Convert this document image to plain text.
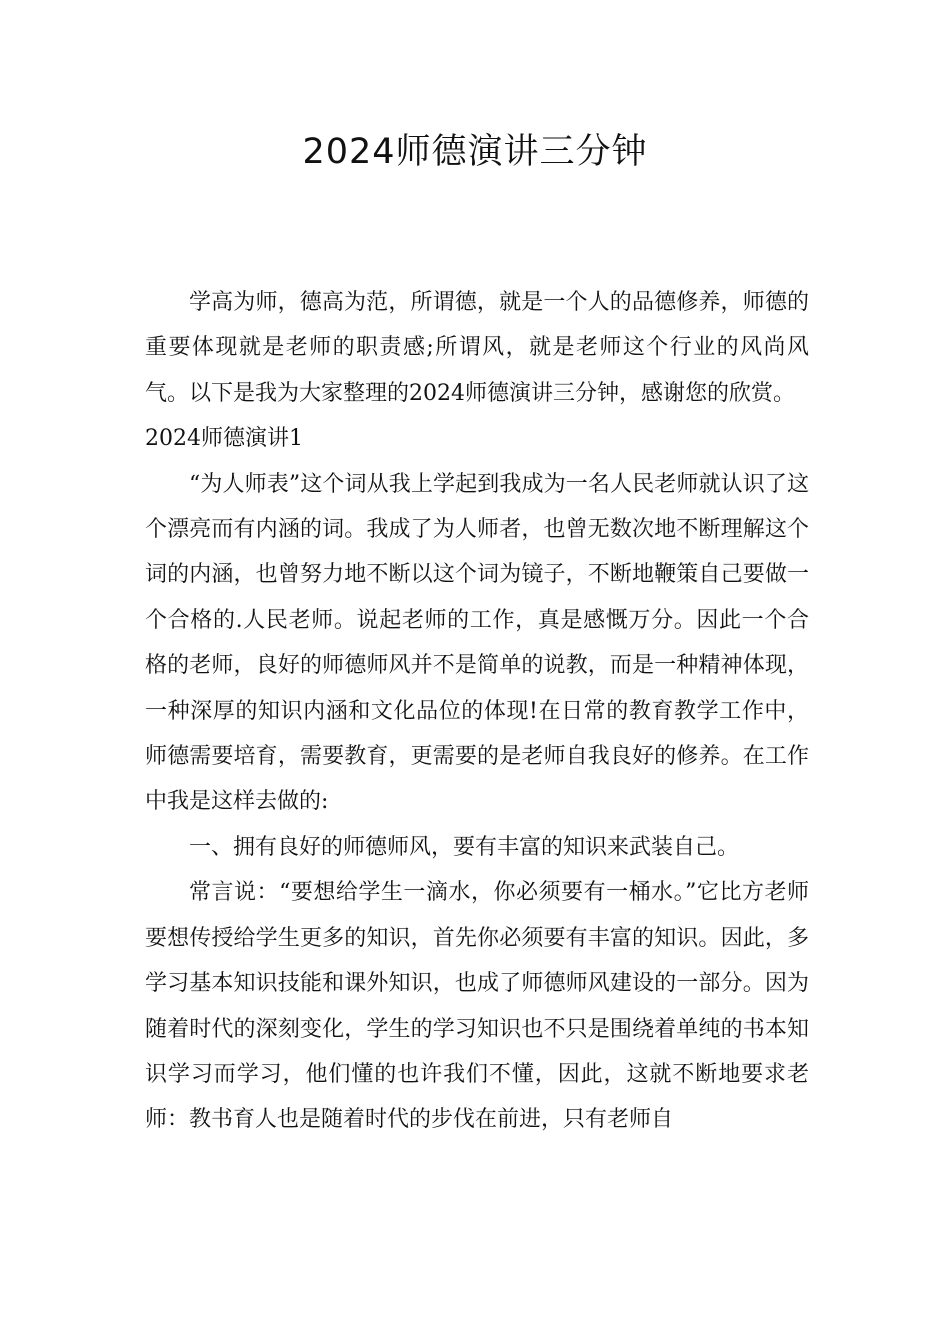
2024师德演讲三分钟

学高为师，德高为范，所谓德，就是一个人的品德修养，师德的重要体现就是老师的职责感;所谓风，就是老师这个行业的风尚风气。以下是我为大家整理的2024师德演讲三分钟，感谢您的欣赏。

2024师德演讲1

“为人师表”这个词从我上学起到我成为一名人民老师就认识了这个漂亮而有内涵的词。我成了为人师者，也曾无数次地不断理解这个词的内涵，也曾努力地不断以这个词为镜子，不断地鞭策自己要做一个合格的.人民老师。说起老师的工作，真是感慨万分。因此一个合格的老师，良好的师德师风并不是简单的说教，而是一种精神体现，一种深厚的知识内涵和文化品位的体现!在日常的教育教学工作中，师德需要培育，需要教育，更需要的是老师自我良好的修养。在工作中我是这样去做的:

一、拥有良好的师德师风，要有丰富的知识来武装自己。

常言说：“要想给学生一滴水，你必须要有一桶水。”它比方老师要想传授给学生更多的知识，首先你必须要有丰富的知识。因此，多学习基本知识技能和课外知识，也成了师德师风建设的一部分。因为随着时代的深刻变化，学生的学习知识也不只是围绕着单纯的书本知识学习而学习，他们懂的也许我们不懂，因此，这就不断地要求老师：教书育人也是随着时代的步伐在前进，只有老师自
